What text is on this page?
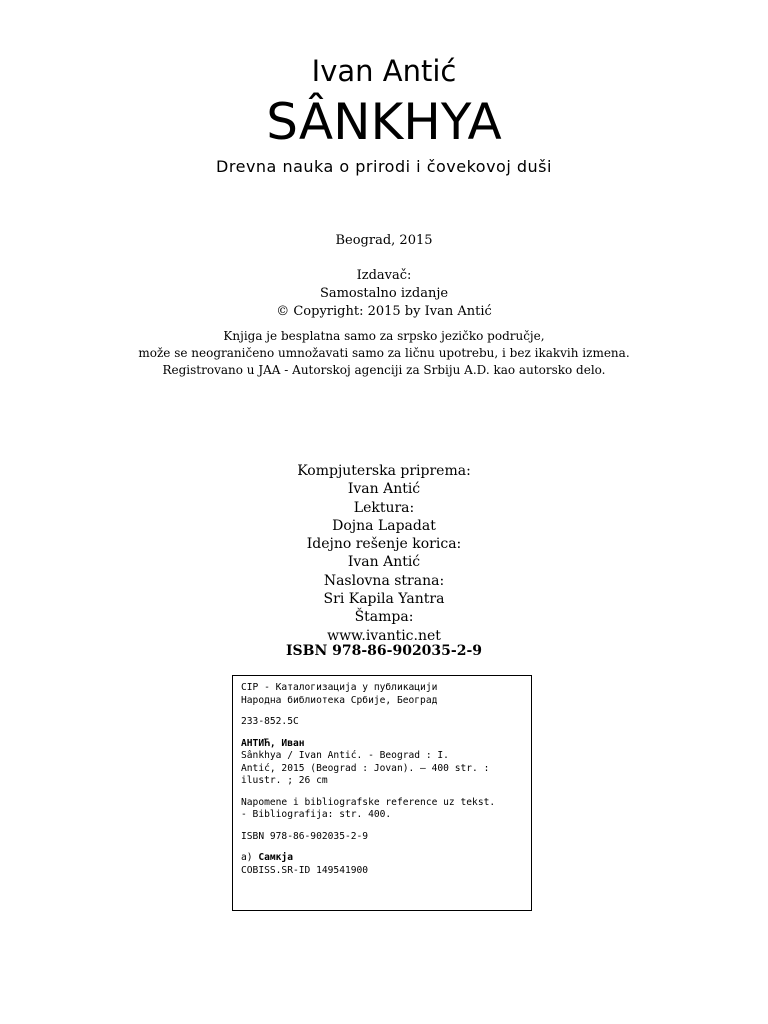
Ivan Antić
SÂNKHYA
Drevna nauka o prirodi i čovekovoj duši
Beograd, 2015
Izdavač:
Samostalno izdanje
© Copyright: 2015 by Ivan Antić
Knjiga je besplatna samo za srpsko jezičko područje,
može se neograničeno umnožavati samo za ličnu upotrebu, i bez ikakvih izmena.
Registrovano u JAA - Autorskoj agenciji za Srbiju A.D. kao autorsko delo.
Kompjuterska priprema:
Ivan Antić
Lektura:
Dojna Lapadat
Idejno rešenje korica:
Ivan Antić
Naslovna strana:
Sri Kapila Yantra
Štampa:
www.ivantic.net
ISBN 978-86-902035-2-9
CIP - Каталогизација у публикацији
Народна библиотека Србије, Београд
233-852.5C
АНТИЋ, Иван
Sânkhya / Ivan Antić. - Beograd : I.
Antić, 2015 (Beograd : Jovan). – 400 str. :
ilustr. ; 26 cm
Napomene i bibliografske reference uz tekst.
- Bibliografija: str. 400.
ISBN 978-86-902035-2-9
а) Самкја
COBISS.SR-ID 149541900
